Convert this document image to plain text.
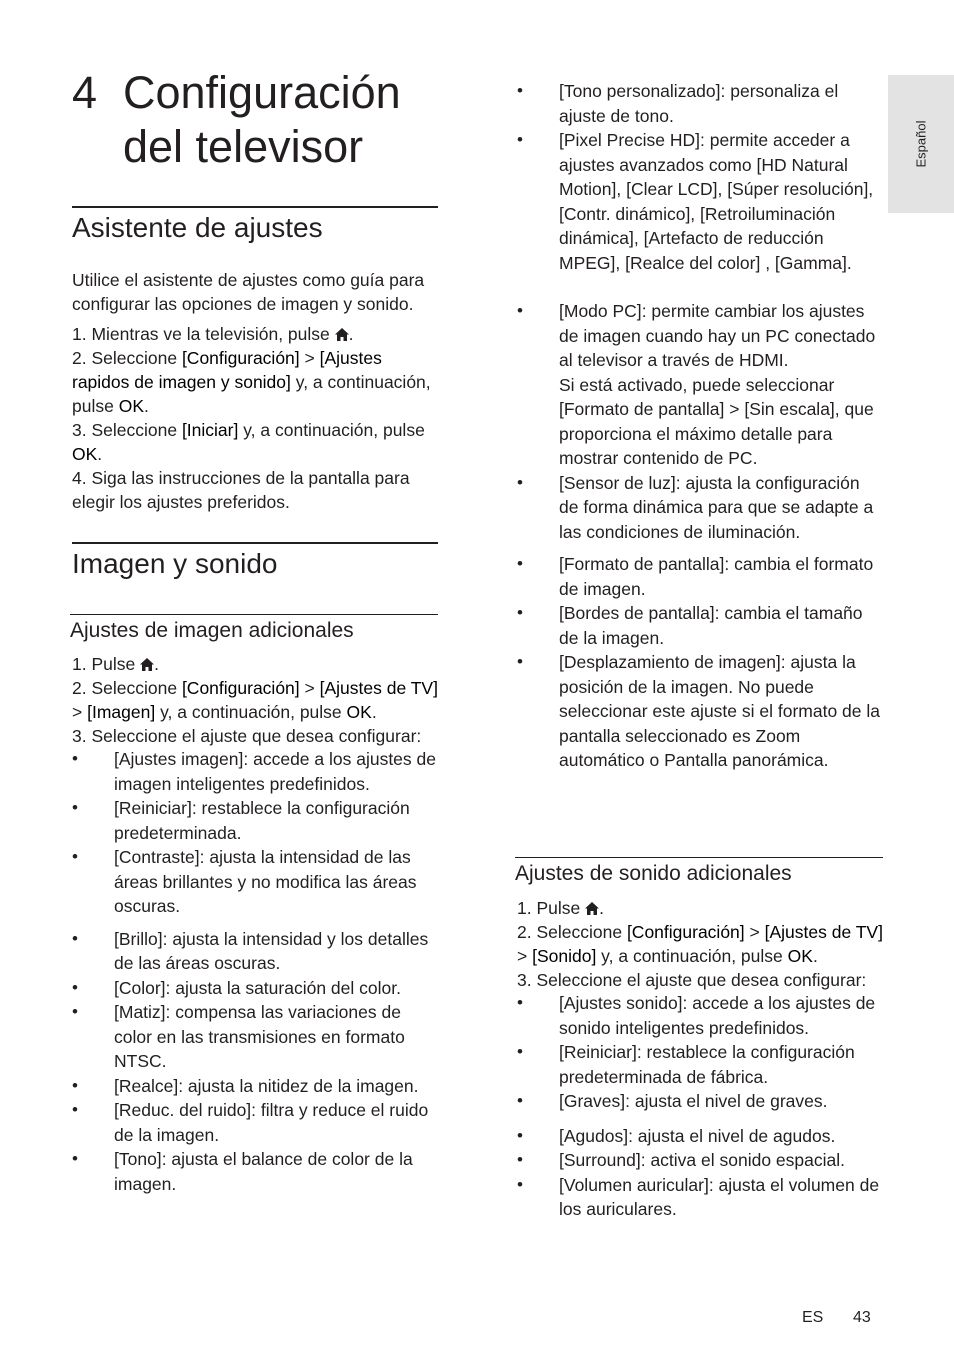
Español
4 Configuración del televisor
Asistente de ajustes
Utilice el asistente de ajustes como guía para configurar las opciones de imagen y sonido.
1. Mientras ve la televisión, pulse .
2. Seleccione [Configuración] > [Ajustes rapidos de imagen y sonido] y, a continuación, pulse OK.
3. Seleccione [Iniciar] y, a continuación, pulse OK.
4. Siga las instrucciones de la pantalla para elegir los ajustes preferidos.
Imagen y sonido
Ajustes de imagen adicionales
1. Pulse .
2. Seleccione [Configuración] > [Ajustes de TV] > [Imagen] y, a continuación, pulse OK.
3. Seleccione el ajuste que desea configurar:
• [Ajustes imagen]: accede a los ajustes de imagen inteligentes predefinidos.
• [Reiniciar]: restablece la configuración predeterminada.
• [Contraste]: ajusta la intensidad de las áreas brillantes y no modifica las áreas oscuras.
• [Brillo]: ajusta la intensidad y los detalles de las áreas oscuras.
• [Color]: ajusta la saturación del color.
• [Matiz]: compensa las variaciones de color en las transmisiones en formato NTSC.
• [Realce]: ajusta la nitidez de la imagen.
• [Reduc. del ruido]: filtra y reduce el ruido de la imagen.
• [Tono]: ajusta el balance de color de la imagen.
• [Tono personalizado]: personaliza el ajuste de tono.
• [Pixel Precise HD]: permite acceder a ajustes avanzados como [HD Natural Motion], [Clear LCD], [Súper resolución], [Contr. dinámico], [Retroiluminación dinámica], [Artefacto de reducción MPEG], [Realce del color] , [Gamma].
• [Modo PC]: permite cambiar los ajustes de imagen cuando hay un PC conectado al televisor a través de HDMI.
Si está activado, puede seleccionar [Formato de pantalla] > [Sin escala], que proporciona el máximo detalle para mostrar contenido de PC.
• [Sensor de luz]: ajusta la configuración de forma dinámica para que se adapte a las condiciones de iluminación.
• [Formato de pantalla]: cambia el formato de imagen.
• [Bordes de pantalla]: cambia el tamaño de la imagen.
• [Desplazamiento de imagen]: ajusta la posición de la imagen. No puede seleccionar este ajuste si el formato de la pantalla seleccionado es Zoom automático o Pantalla panorámica.
Ajustes de sonido adicionales
1. Pulse .
2. Seleccione [Configuración] > [Ajustes de TV] > [Sonido] y, a continuación, pulse OK.
3. Seleccione el ajuste que desea configurar:
• [Ajustes sonido]: accede a los ajustes de sonido inteligentes predefinidos.
• [Reiniciar]: restablece la configuración predeterminada de fábrica.
• [Graves]: ajusta el nivel de graves.
• [Agudos]: ajusta el nivel de agudos.
• [Surround]: activa el sonido espacial.
• [Volumen auricular]: ajusta el volumen de los auriculares.
ES 43
